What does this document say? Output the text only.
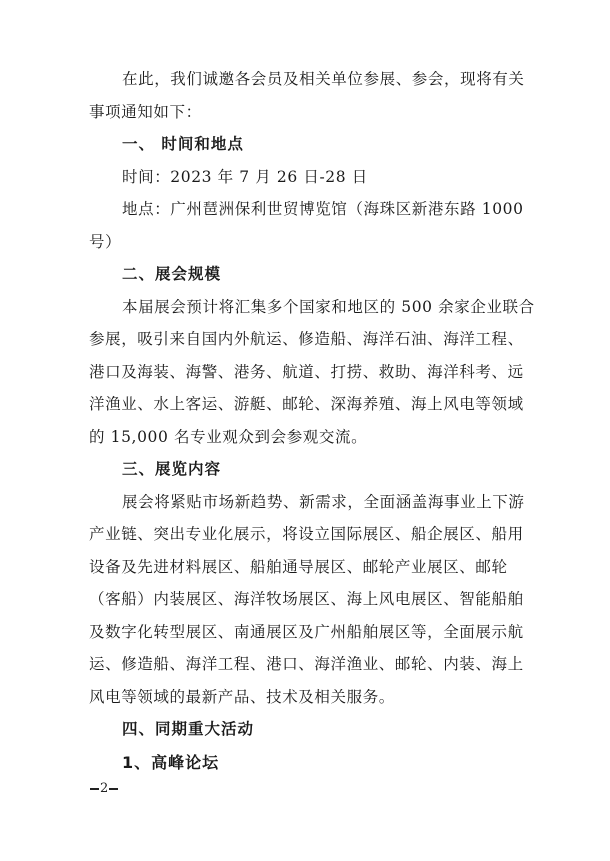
在此，我们诚邀各会员及相关单位参展、参会，现将有关事项通知如下：

一、 时间和地点

时间：2023 年 7 月 26 日-28 日

地点：广州琶洲保利世贸博览馆（海珠区新港东路 1000 号）

二、展会规模

本届展会预计将汇集多个国家和地区的 500 余家企业联合参展，吸引来自国内外航运、修造船、海洋石油、海洋工程、港口及海装、海警、港务、航道、打捞、救助、海洋科考、远洋渔业、水上客运、游艇、邮轮、深海养殖、海上风电等领域的 15,000 名专业观众到会参观交流。

三、展览内容

展会将紧贴市场新趋势、新需求，全面涵盖海事业上下游产业链、突出专业化展示，将设立国际展区、船企展区、船用设备及先进材料展区、船舶通导展区、邮轮产业展区、邮轮（客船）内装展区、海洋牧场展区、海上风电展区、智能船舶及数字化转型展区、南通展区及广州船舶展区等，全面展示航运、修造船、海洋工程、港口、海洋渔业、邮轮、内装、海上风电等领域的最新产品、技术及相关服务。

四、同期重大活动

1、高峰论坛

2
